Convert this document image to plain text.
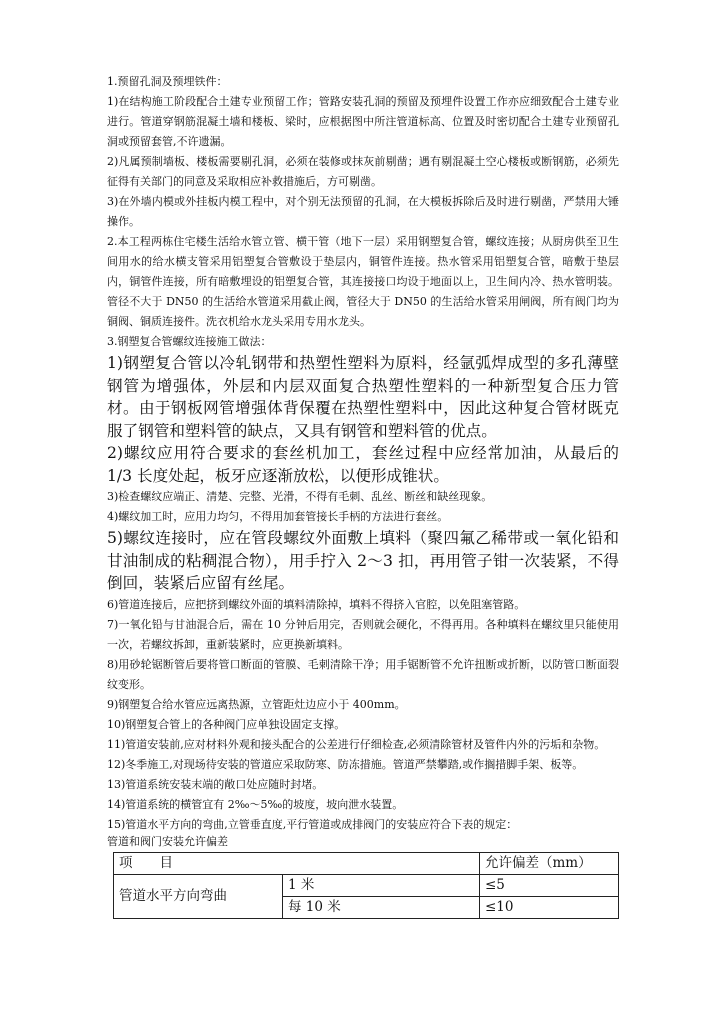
1.预留孔洞及预埋铁件：

1)在结构施工阶段配合土建专业预留工作；管路安装孔洞的预留及预埋件设置工作亦应细致配合土建专业进行。管道穿钢筋混凝土墙和楼板、梁时，应根据图中所注管道标高、位置及时密切配合土建专业预留孔洞或预留套管,不许遗漏。

2)凡属预制墙板、楼板需要剔孔洞，必须在装修或抹灰前剔凿；遇有剔混凝土空心楼板或断钢筋，必须先征得有关部门的同意及采取相应补救措施后，方可剔凿。

3)在外墙内模或外挂板内模工程中，对个别无法预留的孔洞，在大模板拆除后及时进行剔凿，严禁用大锤操作。

2.本工程两栋住宅楼生活给水管立管、横干管（地下一层）采用钢塑复合管，螺纹连接；从厨房供至卫生间用水的给水横支管采用铝塑复合管敷设于垫层内，铜管件连接。热水管采用铝塑复合管，暗敷于垫层内，铜管件连接，所有暗敷埋设的铝塑复合管，其连接接口均设于地面以上，卫生间内冷、热水管明装。管径不大于 DN50 的生活给水管道采用截止阀，管径大于 DN50 的生活给水管采用闸阀，所有阀门均为铜阀、铜质连接件。洗衣机给水龙头采用专用水龙头。

3.钢塑复合管螺纹连接施工做法：

1)钢塑复合管以冷轧钢带和热塑性塑料为原料，经氩弧焊成型的多孔薄壁钢管为增强体，外层和内层双面复合热塑性塑料的一种新型复合压力管材。由于钢板网管增强体背保覆在热塑性塑料中，因此这种复合管材既克服了钢管和塑料管的缺点，又具有钢管和塑料管的优点。

2)螺纹应用符合要求的套丝机加工，套丝过程中应经常加油，从最后的 1/3 长度处起，板牙应逐渐放松，以便形成锥状。

3)检查螺纹应端正、清楚、完整、光滑，不得有毛刺、乱丝、断丝和缺丝现象。

4)螺纹加工时，应用力均匀，不得用加套管接长手柄的方法进行套丝。

5)螺纹连接时，应在管段螺纹外面敷上填料（聚四氟乙稀带或一氧化铅和甘油制成的粘稠混合物），用手拧入 2～3 扣，再用管子钳一次装紧，不得倒回，装紧后应留有丝尾。

6)管道连接后，应把挤到螺纹外面的填料清除掉，填料不得挤入官腔，以免阻塞管路。

7)一氧化铅与甘油混合后，需在 10 分钟后用完，否则就会硬化，不得再用。各种填料在螺纹里只能使用一次，若螺纹拆卸，重新装紧时，应更换新填料。

8)用砂轮锯断管后要将管口断面的管膜、毛刺清除干净；用手锯断管不允许扭断或折断，以防管口断面裂纹变形。

9)钢塑复合给水管应远离热源，立管距灶边应小于 400mm。

10)钢塑复合管上的各种阀门应单独设固定支撑。

11)管道安装前,应对材料外观和接头配合的公差进行仔细检查,必须清除管材及管件内外的污垢和杂物。

12)冬季施工,对现场待安装的管道应采取防寒、防冻措施。管道严禁攀踏,或作搁措脚手架、板等。

13)管道系统安装末端的敞口处应随时封堵。

14)管道系统的横管宜有 2‰～5‰的坡度，坡向泄水装置。

15)管道水平方向的弯曲,立管垂直度,平行管道或成排阀门的安装应符合下表的规定：

管道和阀门安装允许偏差

项　　目		允许偏差（mm）
管道水平方向弯曲	1 米	≤5
	每 10 米	≤10
